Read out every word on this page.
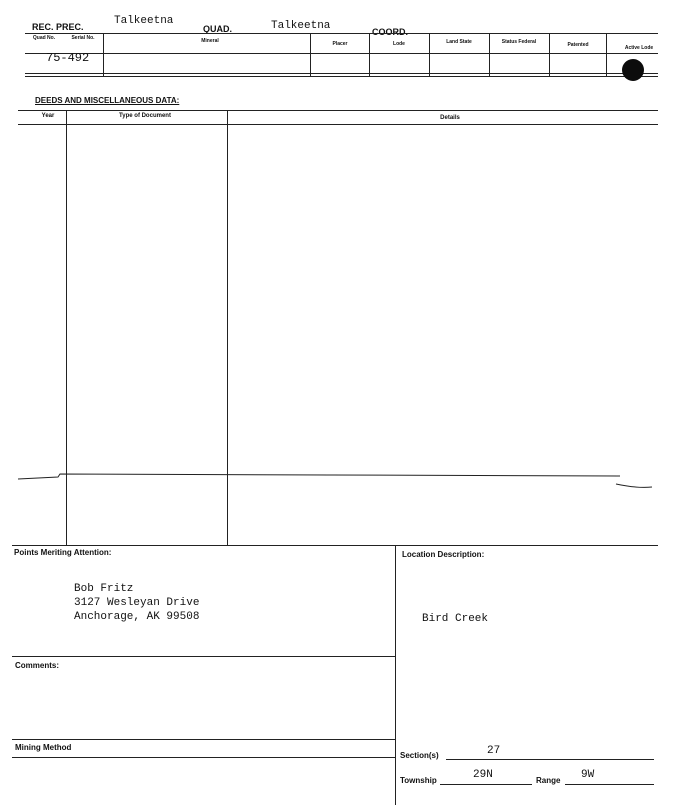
REC. PREC.	Talkeetna
QUAD.	Talkeetna	COORD.
Quad No.	Serial No.	Mineral	Placer	Lode	Land State	Status Federal	Patented	Active Lode
75-492
DEEDS AND MISCELLANEOUS DATA:
Year	Type of Document	Details
Points Meriting Attention:
Bob Fritz
3127 Wesleyan Drive
Anchorage, AK 99508
Location Description:
Bird Creek
Comments:
Mining Method
Section(s)	27
Township	29N	Range 9W
